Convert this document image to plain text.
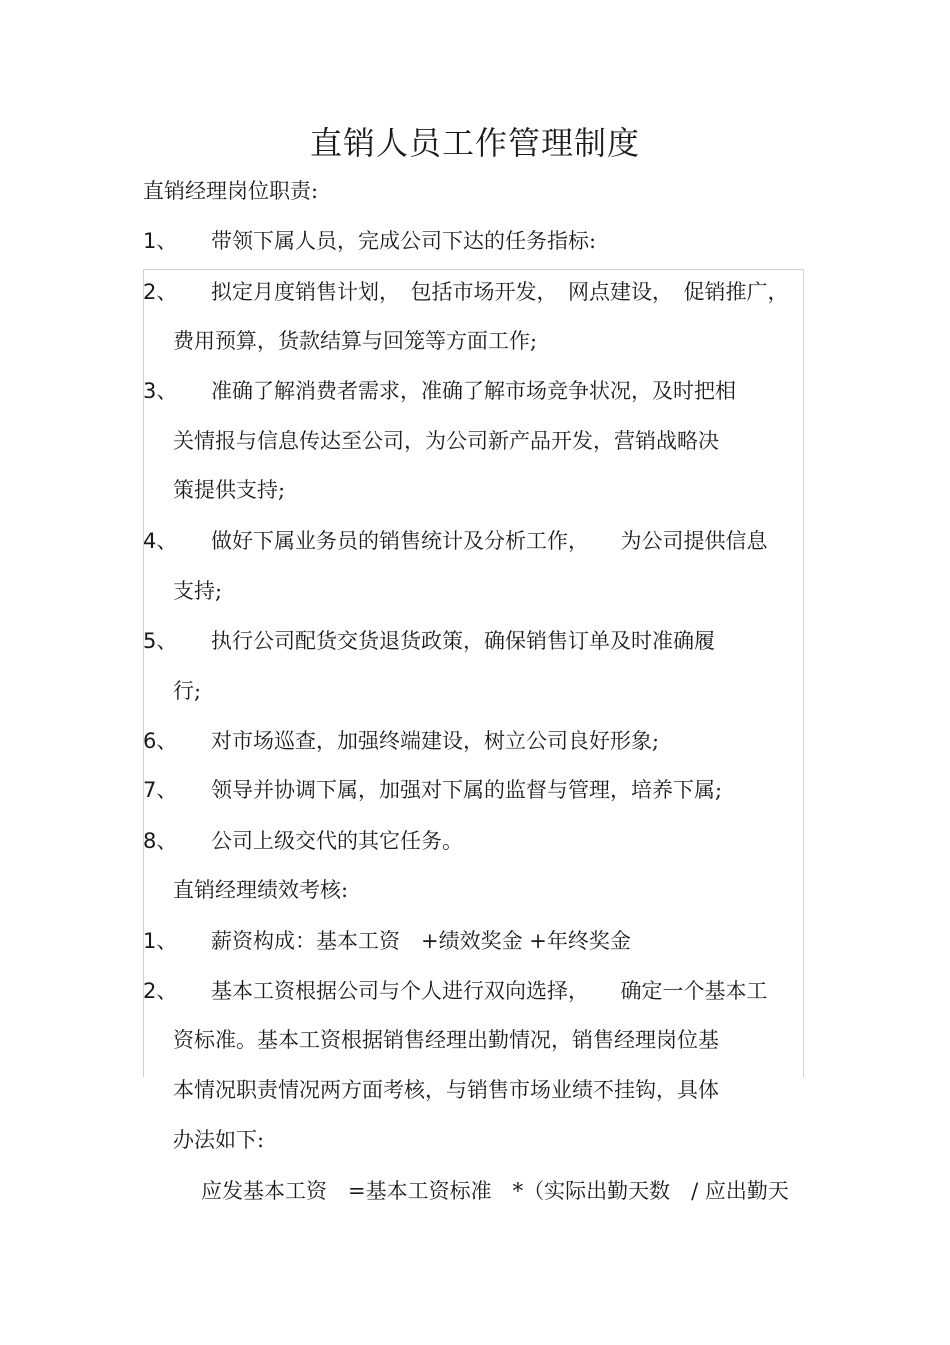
直销人员工作管理制度
直销经理岗位职责:
1、 带领下属人员，完成公司下达的任务指标:
2、 拟定月度销售计划，　包括市场开发，　网点建设，　促销推广，
费用预算，货款结算与回笼等方面工作;
3、 准确了解消费者需求，准确了解市场竞争状况，及时把相
关情报与信息传达至公司，为公司新产品开发，营销战略决
策提供支持;
4、 做好下属业务员的销售统计及分析工作，　　为公司提供信息
支持;
5、 执行公司配货交货退货政策，确保销售订单及时准确履
行;
6、 对市场巡查，加强终端建设，树立公司良好形象;
7、 领导并协调下属，加强对下属的监督与管理，培养下属;
8、 公司上级交代的其它任务。
直销经理绩效考核:
1、 薪资构成：基本工资　+绩效奖金 +年终奖金
2、 基本工资根据公司与个人进行双向选择，　　确定一个基本工
资标准。基本工资根据销售经理出勤情况，销售经理岗位基
本情况职责情况两方面考核，与销售市场业绩不挂钩，具体
办法如下:
应发基本工资　=基本工资标准　*（实际出勤天数　/ 应出勤天
